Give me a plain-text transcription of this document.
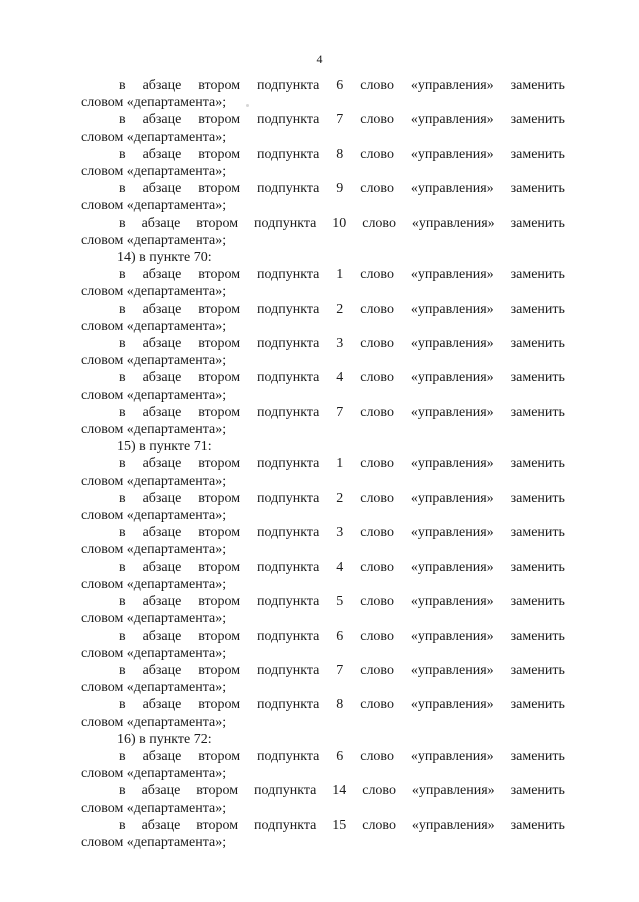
4
в абзаце втором подпункта 6 слово «управления» заменить
словом «департамента»;
в абзаце втором подпункта 7 слово «управления» заменить
словом «департамента»;
в абзаце втором подпункта 8 слово «управления» заменить
словом «департамента»;
в абзаце втором подпункта 9 слово «управления» заменить
словом «департамента»;
в абзаце втором подпункта 10 слово «управления» заменить
словом «департамента»;
14) в пункте 70:
в абзаце втором подпункта 1 слово «управления» заменить
словом «департамента»;
в абзаце втором подпункта 2 слово «управления» заменить
словом «департамента»;
в абзаце втором подпункта 3 слово «управления» заменить
словом «департамента»;
в абзаце втором подпункта 4 слово «управления» заменить
словом «департамента»;
в абзаце втором подпункта 7 слово «управления» заменить
словом «департамента»;
15) в пункте 71:
в абзаце втором подпункта 1 слово «управления» заменить
словом «департамента»;
в абзаце втором подпункта 2 слово «управления» заменить
словом «департамента»;
в абзаце втором подпункта 3 слово «управления» заменить
словом «департамента»;
в абзаце втором подпункта 4 слово «управления» заменить
словом «департамента»;
в абзаце втором подпункта 5 слово «управления» заменить
словом «департамента»;
в абзаце втором подпункта 6 слово «управления» заменить
словом «департамента»;
в абзаце втором подпункта 7 слово «управления» заменить
словом «департамента»;
в абзаце втором подпункта 8 слово «управления» заменить
словом «департамента»;
16) в пункте 72:
в абзаце втором подпункта 6 слово «управления» заменить
словом «департамента»;
в абзаце втором подпункта 14 слово «управления» заменить
словом «департамента»;
в абзаце втором подпункта 15 слово «управления» заменить
словом «департамента»;
